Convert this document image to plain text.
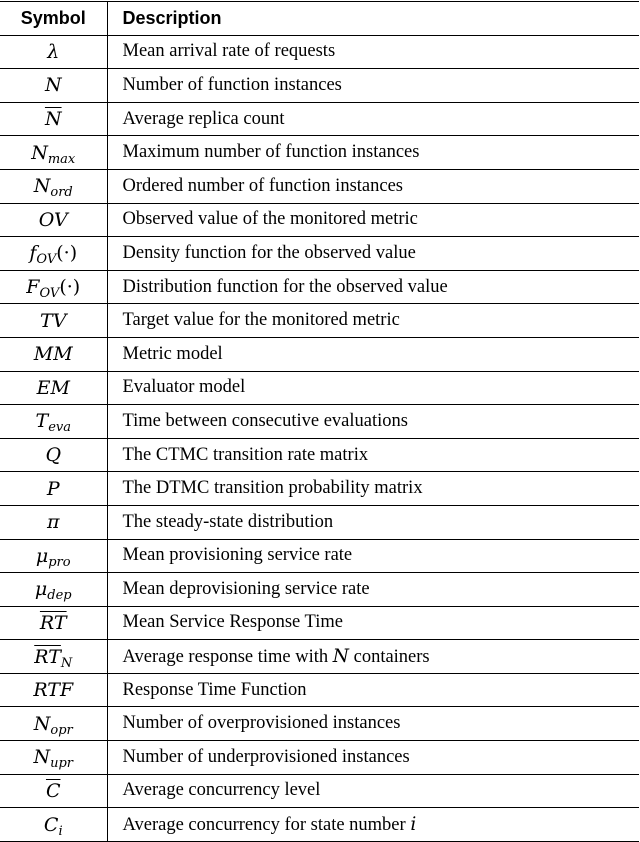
Symbol	Description
λ	Mean arrival rate of requests
N	Number of function instances
$\overline{N}$	Average replica count
$N_{max}$	Maximum number of function instances
$N_{ord}$	Ordered number of function instances
OV	Observed value of the monitored metric
$f_{OV}(\cdot)$	Density function for the observed value
$F_{OV}(\cdot)$	Distribution function for the observed value
TV	Target value for the monitored metric
MM	Metric model
EM	Evaluator model
$T_{eva}$	Time between consecutive evaluations
Q	The CTMC transition rate matrix
P	The DTMC transition probability matrix
π	The steady-state distribution
$\mu_{pro}$	Mean provisioning service rate
$\mu_{dep}$	Mean deprovisioning service rate
$\overline{RT}$	Mean Service Response Time
$\overline{RT}_N$	Average response time with N containers
RTF	Response Time Function
$N_{opr}$	Number of overprovisioned instances
$N_{upr}$	Number of underprovisioned instances
$\overline{C}$	Average concurrency level
$C_i$	Average concurrency for state number i
